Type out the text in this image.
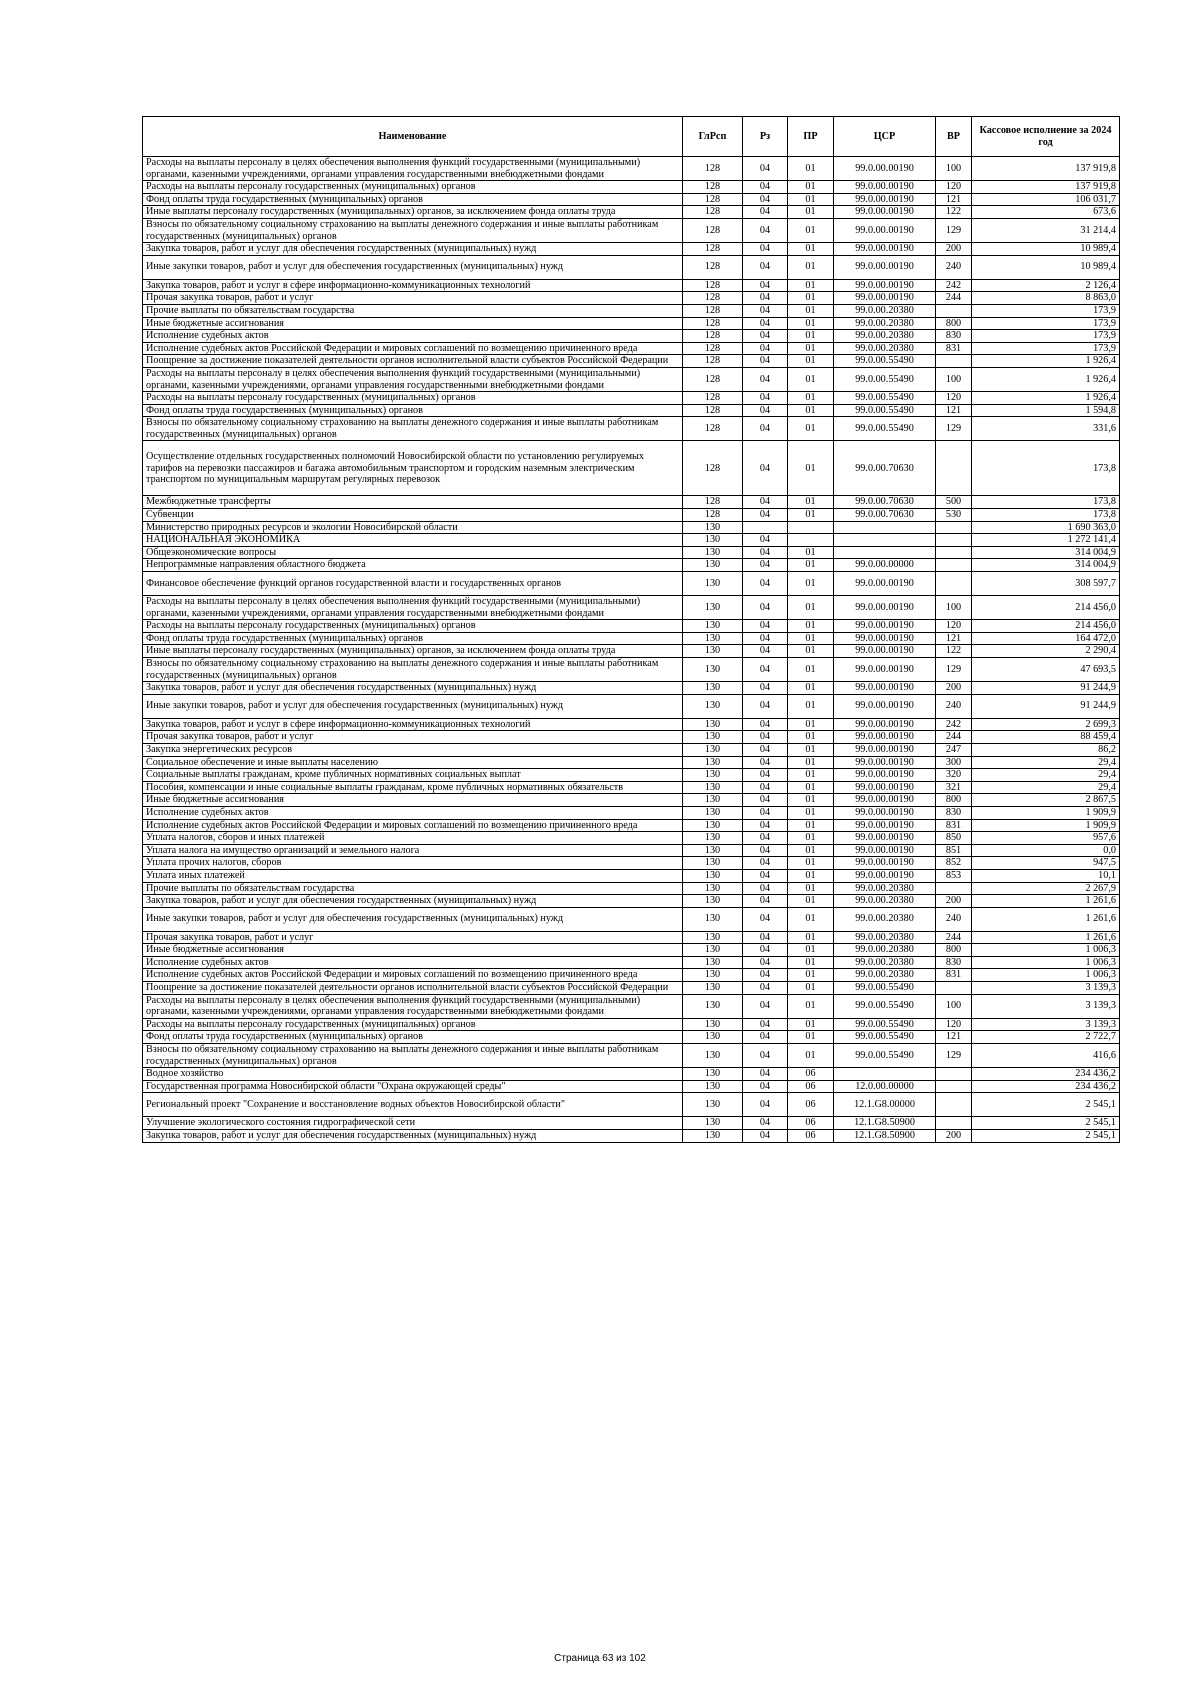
Наименование	ГлРсп	Рз	ПР	ЦСР	ВР	Кассовое исполнение за 2024 год
Расходы на выплаты персоналу в целях обеспечения выполнения функций государственными (муниципальными) органами, казенными учреждениями, органами управления государственными внебюджетными фондами	128	04	01	99.0.00.00190	100	137 919,8
Расходы на выплаты персоналу государственных (муниципальных) органов	128	04	01	99.0.00.00190	120	137 919,8
Фонд оплаты труда государственных (муниципальных) органов	128	04	01	99.0.00.00190	121	106 031,7
Иные выплаты персоналу государственных (муниципальных) органов, за исключением фонда оплаты труда	128	04	01	99.0.00.00190	122	673,6
Взносы по обязательному социальному страхованию на выплаты денежного содержания и иные выплаты работникам государственных (муниципальных) органов	128	04	01	99.0.00.00190	129	31 214,4
Закупка товаров, работ и услуг для обеспечения государственных (муниципальных) нужд	128	04	01	99.0.00.00190	200	10 989,4
Иные закупки товаров, работ и услуг для обеспечения государственных (муниципальных) нужд	128	04	01	99.0.00.00190	240	10 989,4
Закупка товаров, работ и услуг в сфере информационно-коммуникационных технологий	128	04	01	99.0.00.00190	242	2 126,4
Прочая закупка товаров, работ и услуг	128	04	01	99.0.00.00190	244	8 863,0
Прочие выплаты по обязательствам государства	128	04	01	99.0.00.20380		173,9
Иные бюджетные ассигнования	128	04	01	99.0.00.20380	800	173,9
Исполнение судебных актов	128	04	01	99.0.00.20380	830	173,9
Исполнение судебных актов Российской Федерации и мировых соглашений по возмещению причиненного вреда	128	04	01	99.0.00.20380	831	173,9
Поощрение за достижение показателей деятельности органов исполнительной власти субъектов Российской Федерации	128	04	01	99.0.00.55490		1 926,4
Расходы на выплаты персоналу в целях обеспечения выполнения функций государственными (муниципальными) органами, казенными учреждениями, органами управления государственными внебюджетными фондами	128	04	01	99.0.00.55490	100	1 926,4
Расходы на выплаты персоналу государственных (муниципальных) органов	128	04	01	99.0.00.55490	120	1 926,4
Фонд оплаты труда государственных (муниципальных) органов	128	04	01	99.0.00.55490	121	1 594,8
Взносы по обязательному социальному страхованию на выплаты денежного содержания и иные выплаты работникам государственных (муниципальных) органов	128	04	01	99.0.00.55490	129	331,6
Осуществление отдельных государственных полномочий Новосибирской области по установлению регулируемых тарифов на перевозки пассажиров и багажа автомобильным транспортом и городским наземным электрическим транспортом по муниципальным маршрутам регулярных перевозок	128	04	01	99.0.00.70630		173,8
Межбюджетные трансферты	128	04	01	99.0.00.70630	500	173,8
Субвенции	128	04	01	99.0.00.70630	530	173,8
Министерство природных ресурсов и экологии Новосибирской области	130					1 690 363,0
НАЦИОНАЛЬНАЯ ЭКОНОМИКА	130	04				1 272 141,4
Общеэкономические вопросы	130	04	01			314 004,9
Непрограммные направления областного бюджета	130	04	01	99.0.00.00000		314 004,9
Финансовое обеспечение функций органов государственной власти и государственных органов	130	04	01	99.0.00.00190		308 597,7
Расходы на выплаты персоналу в целях обеспечения выполнения функций государственными (муниципальными) органами, казенными учреждениями, органами управления государственными внебюджетными фондами	130	04	01	99.0.00.00190	100	214 456,0
Расходы на выплаты персоналу государственных (муниципальных) органов	130	04	01	99.0.00.00190	120	214 456,0
Фонд оплаты труда государственных (муниципальных) органов	130	04	01	99.0.00.00190	121	164 472,0
Иные выплаты персоналу государственных (муниципальных) органов, за исключением фонда оплаты труда	130	04	01	99.0.00.00190	122	2 290,4
Взносы по обязательному социальному страхованию на выплаты денежного содержания и иные выплаты работникам государственных (муниципальных) органов	130	04	01	99.0.00.00190	129	47 693,5
Закупка товаров, работ и услуг для обеспечения государственных (муниципальных) нужд	130	04	01	99.0.00.00190	200	91 244,9
Иные закупки товаров, работ и услуг для обеспечения государственных (муниципальных) нужд	130	04	01	99.0.00.00190	240	91 244,9
Закупка товаров, работ и услуг в сфере информационно-коммуникационных технологий	130	04	01	99.0.00.00190	242	2 699,3
Прочая закупка товаров, работ и услуг	130	04	01	99.0.00.00190	244	88 459,4
Закупка энергетических ресурсов	130	04	01	99.0.00.00190	247	86,2
Социальное обеспечение и иные выплаты населению	130	04	01	99.0.00.00190	300	29,4
Социальные выплаты гражданам, кроме публичных нормативных социальных выплат	130	04	01	99.0.00.00190	320	29,4
Пособия, компенсации и иные социальные выплаты гражданам, кроме публичных нормативных обязательств	130	04	01	99.0.00.00190	321	29,4
Иные бюджетные ассигнования	130	04	01	99.0.00.00190	800	2 867,5
Исполнение судебных актов	130	04	01	99.0.00.00190	830	1 909,9
Исполнение судебных актов Российской Федерации и мировых соглашений по возмещению причиненного вреда	130	04	01	99.0.00.00190	831	1 909,9
Уплата налогов, сборов и иных платежей	130	04	01	99.0.00.00190	850	957,6
Уплата налога на имущество организаций и земельного налога	130	04	01	99.0.00.00190	851	0,0
Уплата прочих налогов, сборов	130	04	01	99.0.00.00190	852	947,5
Уплата иных платежей	130	04	01	99.0.00.00190	853	10,1
Прочие выплаты по обязательствам государства	130	04	01	99.0.00.20380		2 267,9
Закупка товаров, работ и услуг для обеспечения государственных (муниципальных) нужд	130	04	01	99.0.00.20380	200	1 261,6
Иные закупки товаров, работ и услуг для обеспечения государственных (муниципальных) нужд	130	04	01	99.0.00.20380	240	1 261,6
Прочая закупка товаров, работ и услуг	130	04	01	99.0.00.20380	244	1 261,6
Иные бюджетные ассигнования	130	04	01	99.0.00.20380	800	1 006,3
Исполнение судебных актов	130	04	01	99.0.00.20380	830	1 006,3
Исполнение судебных актов Российской Федерации и мировых соглашений по возмещению причиненного вреда	130	04	01	99.0.00.20380	831	1 006,3
Поощрение за достижение показателей деятельности органов исполнительной власти субъектов Российской Федерации	130	04	01	99.0.00.55490		3 139,3
Расходы на выплаты персоналу в целях обеспечения выполнения функций государственными (муниципальными) органами, казенными учреждениями, органами управления государственными внебюджетными фондами	130	04	01	99.0.00.55490	100	3 139,3
Расходы на выплаты персоналу государственных (муниципальных) органов	130	04	01	99.0.00.55490	120	3 139,3
Фонд оплаты труда государственных (муниципальных) органов	130	04	01	99.0.00.55490	121	2 722,7
Взносы по обязательному социальному страхованию на выплаты денежного содержания и иные выплаты работникам государственных (муниципальных) органов	130	04	01	99.0.00.55490	129	416,6
Водное хозяйство	130	04	06			234 436,2
Государственная программа Новосибирской области "Охрана окружающей среды"	130	04	06	12.0.00.00000		234 436,2
Региональный проект "Сохранение и восстановление водных объектов Новосибирской области"	130	04	06	12.1.G8.00000		2 545,1
Улучшение экологического состояния гидрографической сети	130	04	06	12.1.G8.50900		2 545,1
Закупка товаров, работ и услуг для обеспечения государственных (муниципальных) нужд	130	04	06	12.1.G8.50900	200	2 545,1
Страница 63 из 102
